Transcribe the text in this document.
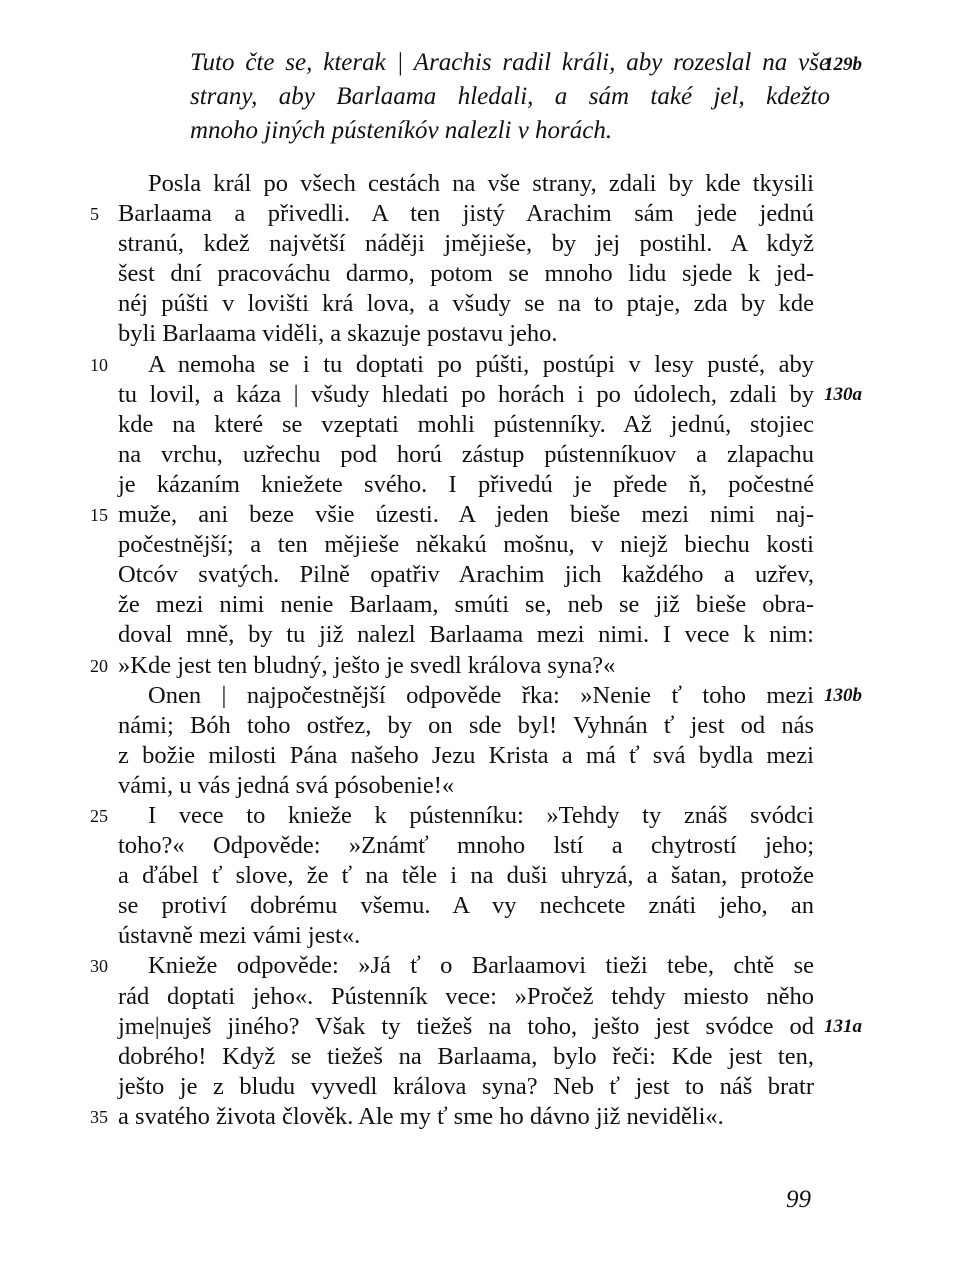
Tuto čte se, kterak | Arachis radil králi, aby rozeslal na vše
strany, aby Barlaama hledali, a sám také jel, kdežto
mnoho jiných pústeníkóv nalezli v horách.
129b
Posla král po všech cestách na vše strany, zdali by kde tkysili
Barlaama a přivedli. A ten jistý Arachim sám jede jednú
5
stranú, kdež najvětší náději jmějieše, by jej postihl. A když
šest dní pracováchu darmo, potom se mnoho lidu sjede k jed-
néj púšti v lovišti krá lova, a všudy se na to ptaje, zda by kde
byli Barlaama viděli, a skazuje postavu jeho.
A nemoha se i tu doptati po púšti, postúpi v lesy pusté, aby
10
tu lovil, a káza | všudy hledati po horách i po údolech, zdali by 130a
kde na které se vzeptati mohli pústenníky. Až jednú, stojiec
na vrchu, uzřechu pod horú zástup pústenníkuov a zlapachu
je kázaním kniežete svého. I přivedú je přede ň, počestné
muže, ani beze všie úzesti. A jeden bieše mezi nimi naj-
15
počestnější; a ten mějieše někakú mošnu, v niejž biechu kosti
Otcóv svatých. Pilně opatřiv Arachim jich každého a uzřev,
že mezi nimi nenie Barlaam, smúti se, neb se již bieše obra-
doval mně, by tu již nalezl Barlaama mezi nimi. I vece k nim:
»Kde jest ten bludný, ješto je svedl králova syna?«
20
Onen | najpočestnější odpověde řka: »Nenie ť toho mezi 130b
námi; Bóh toho ostřez, by on sde byl! Vyhnán ť jest od nás
z božie milosti Pána našeho Jezu Krista a má ť svá bydla mezi
vámi, u vás jedná svá pósobenie!«
I vece to knieže k pústenníku: »Tehdy ty znáš svódci
25
toho?« Odpověde: »Známť mnoho lstí a chytrostí jeho;
a ďábel ť slove, že ť na těle i na duši uhryzá, a šatan, protože
se protiví dobrému všemu. A vy nechcete znáti jeho, an
ústavně mezi vámi jest«.
Knieže odpověde: »Já ť o Barlaamovi tieži tebe, chtě se
30
rád doptati jeho«. Pústenník vece: »Pročež tehdy miesto něho
jme|nuješ jiného? Však ty tiežeš na toho, ješto jest svódce od 131a
dobrého! Když se tiežeš na Barlaama, bylo řeči: Kde jest ten,
ješto je z bludu vyvedl králova syna? Neb ť jest to náš bratr
a svatého života člověk. Ale my ť sme ho dávno již neviděli«.
35
99
